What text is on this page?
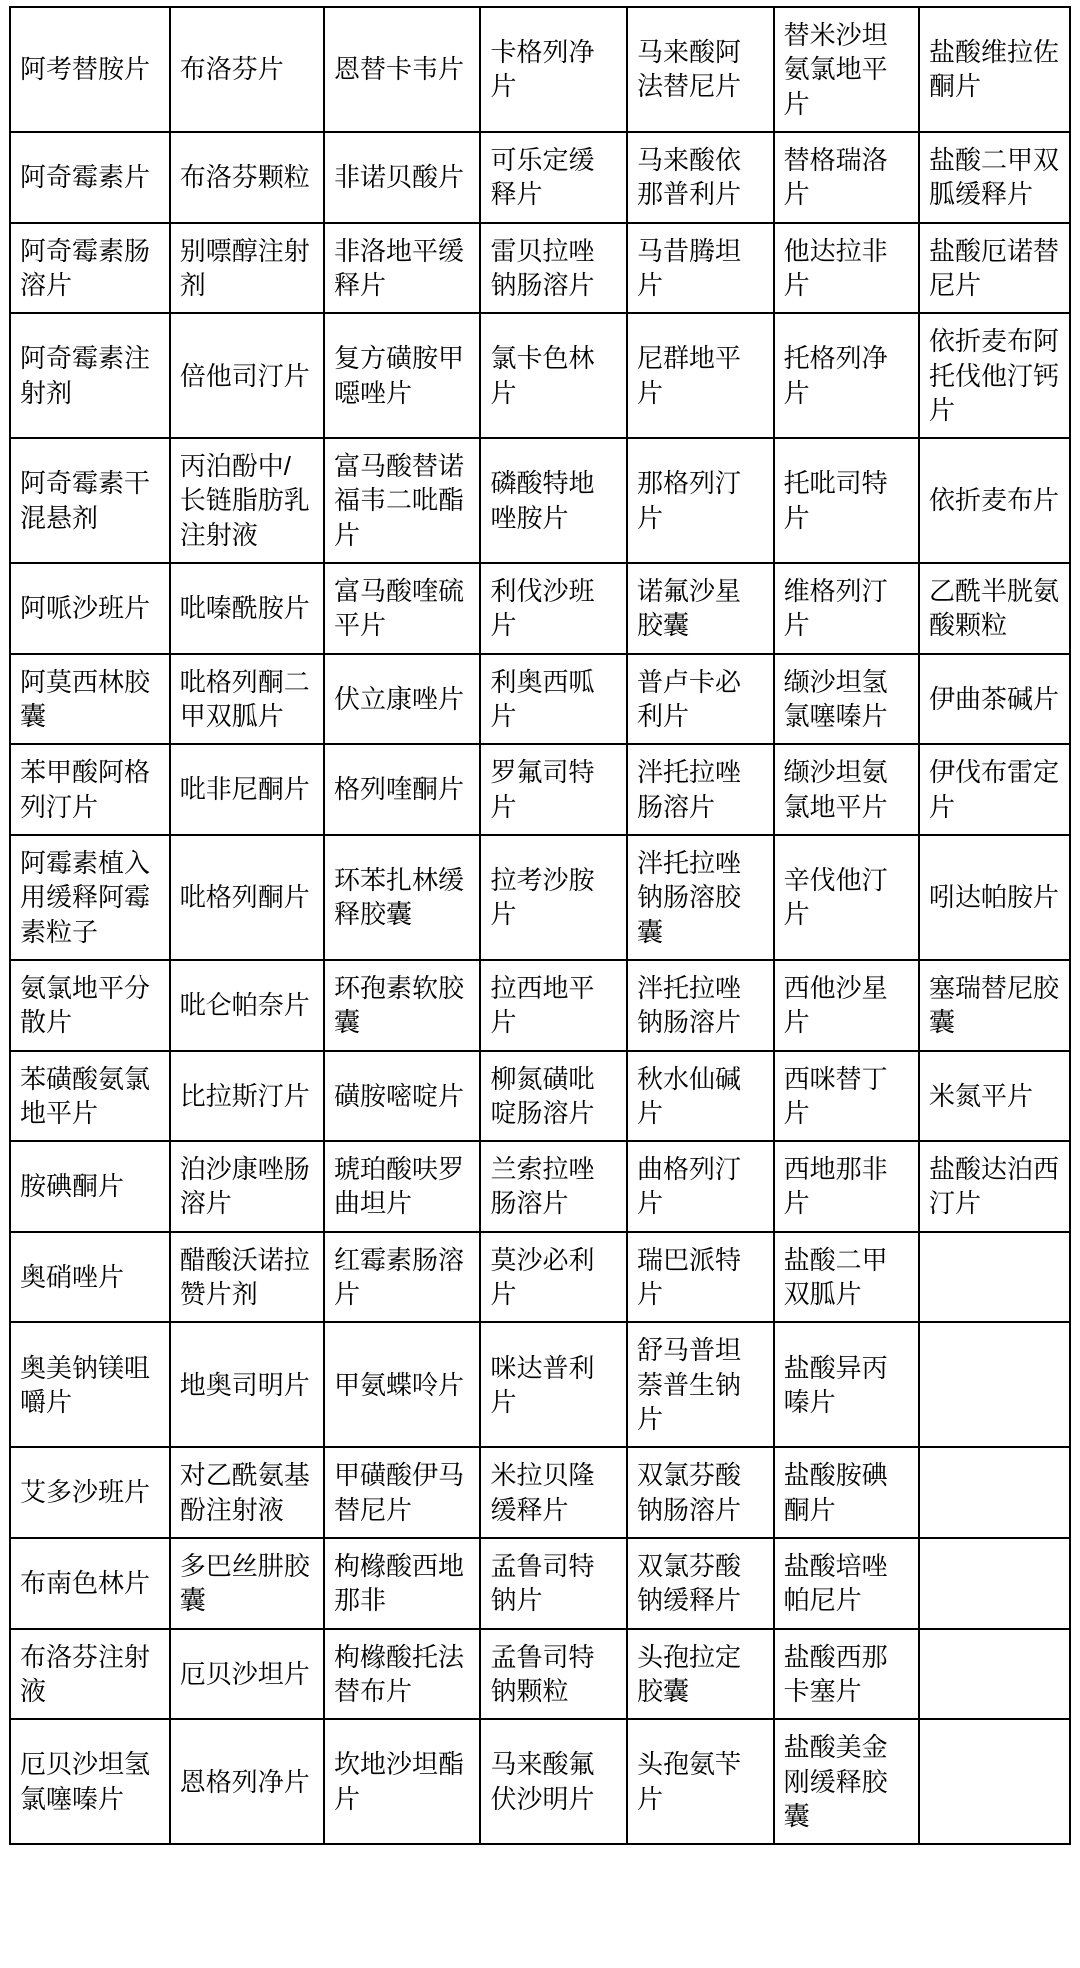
阿考替胺片	布洛芬片	恩替卡韦片	卡格列净片	马来酸阿法替尼片	替米沙坦氨氯地平片	盐酸维拉佐酮片
阿奇霉素片	布洛芬颗粒	非诺贝酸片	可乐定缓释片	马来酸依那普利片	替格瑞洛片	盐酸二甲双胍缓释片
阿奇霉素肠溶片	别嘌醇注射剂	非洛地平缓释片	雷贝拉唑钠肠溶片	马昔腾坦片	他达拉非片	盐酸厄诺替尼片
阿奇霉素注射剂	倍他司汀片	复方磺胺甲噁唑片	氯卡色林片	尼群地平片	托格列净片	依折麦布阿托伐他汀钙片
阿奇霉素干混悬剂	丙泊酚中/长链脂肪乳注射液	富马酸替诺福韦二吡酯片	磷酸特地唑胺片	那格列汀片	托吡司特片	依折麦布片
阿哌沙班片	吡嗪酰胺片	富马酸喹硫平片	利伐沙班片	诺氟沙星胶囊	维格列汀片	乙酰半胱氨酸颗粒
阿莫西林胶囊	吡格列酮二甲双胍片	伏立康唑片	利奥西呱片	普卢卡必利片	缬沙坦氢氯噻嗪片	伊曲茶碱片
苯甲酸阿格列汀片	吡非尼酮片	格列喹酮片	罗氟司特片	泮托拉唑肠溶片	缬沙坦氨氯地平片	伊伐布雷定片
阿霉素植入用缓释阿霉素粒子	吡格列酮片	环苯扎林缓释胶囊	拉考沙胺片	泮托拉唑钠肠溶胶囊	辛伐他汀片	吲达帕胺片
氨氯地平分散片	吡仑帕奈片	环孢素软胶囊	拉西地平片	泮托拉唑钠肠溶片	西他沙星片	塞瑞替尼胶囊
苯磺酸氨氯地平片	比拉斯汀片	磺胺嘧啶片	柳氮磺吡啶肠溶片	秋水仙碱片	西咪替丁片	米氮平片
胺碘酮片	泊沙康唑肠溶片	琥珀酸呋罗曲坦片	兰索拉唑肠溶片	曲格列汀片	西地那非片	盐酸达泊西汀片
奥硝唑片	醋酸沃诺拉赞片剂	红霉素肠溶片	莫沙必利片	瑞巴派特片	盐酸二甲双胍片	
奥美钠镁咀嚼片	地奥司明片	甲氨蝶呤片	咪达普利片	舒马普坦萘普生钠片	盐酸异丙嗪片	
艾多沙班片	对乙酰氨基酚注射液	甲磺酸伊马替尼片	米拉贝隆缓释片	双氯芬酸钠肠溶片	盐酸胺碘酮片	
布南色林片	多巴丝肼胶囊	枸橼酸西地那非	孟鲁司特钠片	双氯芬酸钠缓释片	盐酸培唑帕尼片	
布洛芬注射液	厄贝沙坦片	枸橼酸托法替布片	孟鲁司特钠颗粒	头孢拉定胶囊	盐酸西那卡塞片	
厄贝沙坦氢氯噻嗪片	恩格列净片	坎地沙坦酯片	马来酸氟伏沙明片	头孢氨苄片	盐酸美金刚缓释胶囊	
